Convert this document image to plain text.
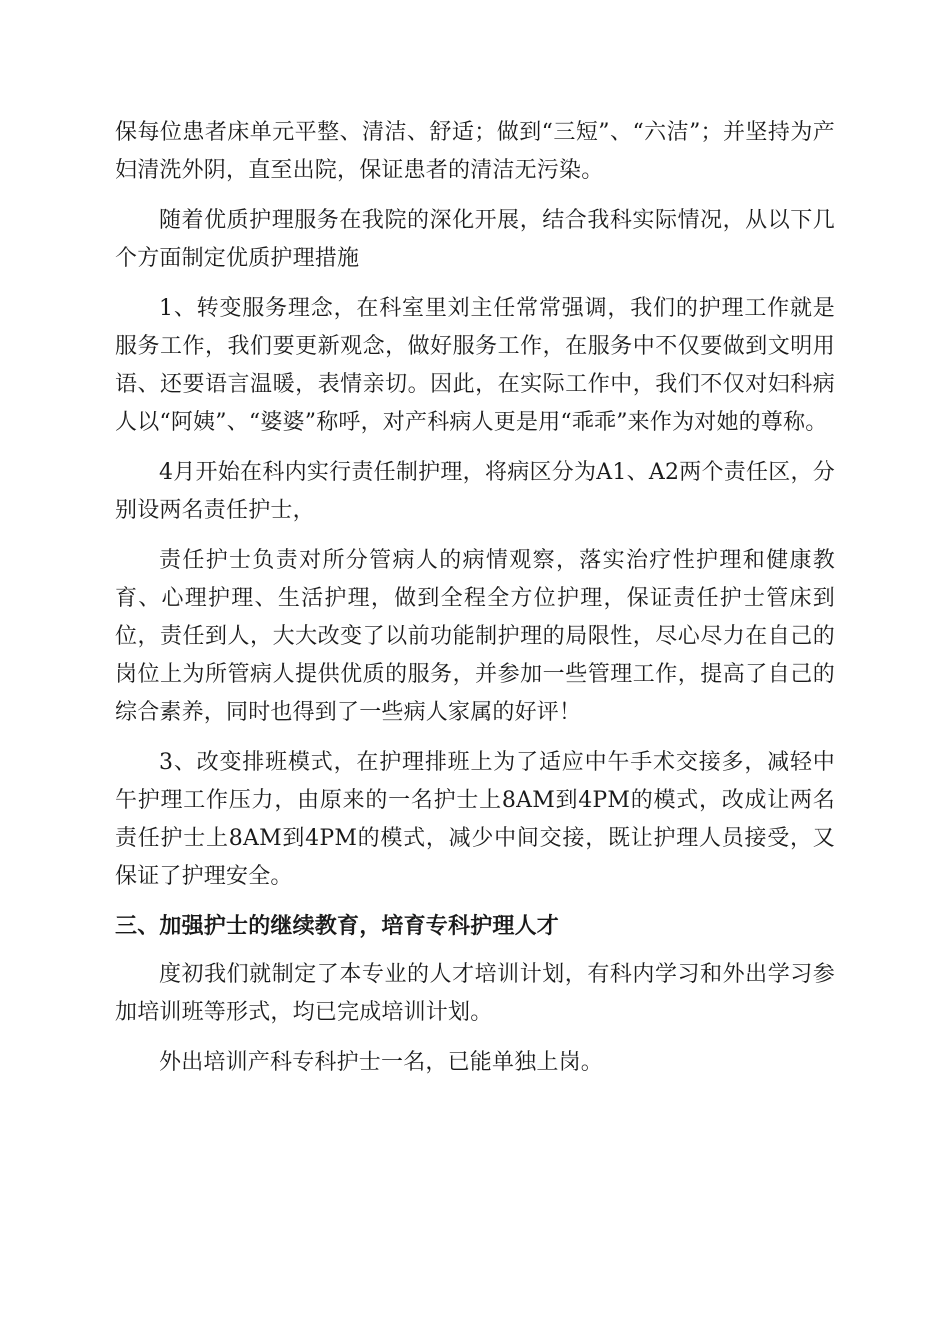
保每位患者床单元平整、清洁、舒适；做到“三短”、“六洁”；并坚持为产妇清洗外阴，直至出院，保证患者的清洁无污染。

随着优质护理服务在我院的深化开展，结合我科实际情况，从以下几个方面制定优质护理措施

1、转变服务理念，在科室里刘主任常常强调，我们的护理工作就是服务工作，我们要更新观念，做好服务工作，在服务中不仅要做到文明用语、还要语言温暖，表情亲切。因此，在实际工作中，我们不仅对妇科病人以“阿姨”、“婆婆”称呼，对产科病人更是用“乖乖”来作为对她的尊称。

4月开始在科内实行责任制护理，将病区分为A1、A2两个责任区，分别设两名责任护士，

责任护士负责对所分管病人的病情观察，落实治疗性护理和健康教育、心理护理、生活护理，做到全程全方位护理，保证责任护士管床到位，责任到人，大大改变了以前功能制护理的局限性，尽心尽力在自己的岗位上为所管病人提供优质的服务，并参加一些管理工作，提高了自己的综合素养，同时也得到了一些病人家属的好评！

3、改变排班模式，在护理排班上为了适应中午手术交接多，减轻中午护理工作压力，由原来的一名护士上8AM到4PM的模式，改成让两名责任护士上8AM到4PM的模式，减少中间交接，既让护理人员接受，又保证了护理安全。

三、加强护士的继续教育，培育专科护理人才

度初我们就制定了本专业的人才培训计划，有科内学习和外出学习参加培训班等形式，均已完成培训计划。

外出培训产科专科护士一名，已能单独上岗。
